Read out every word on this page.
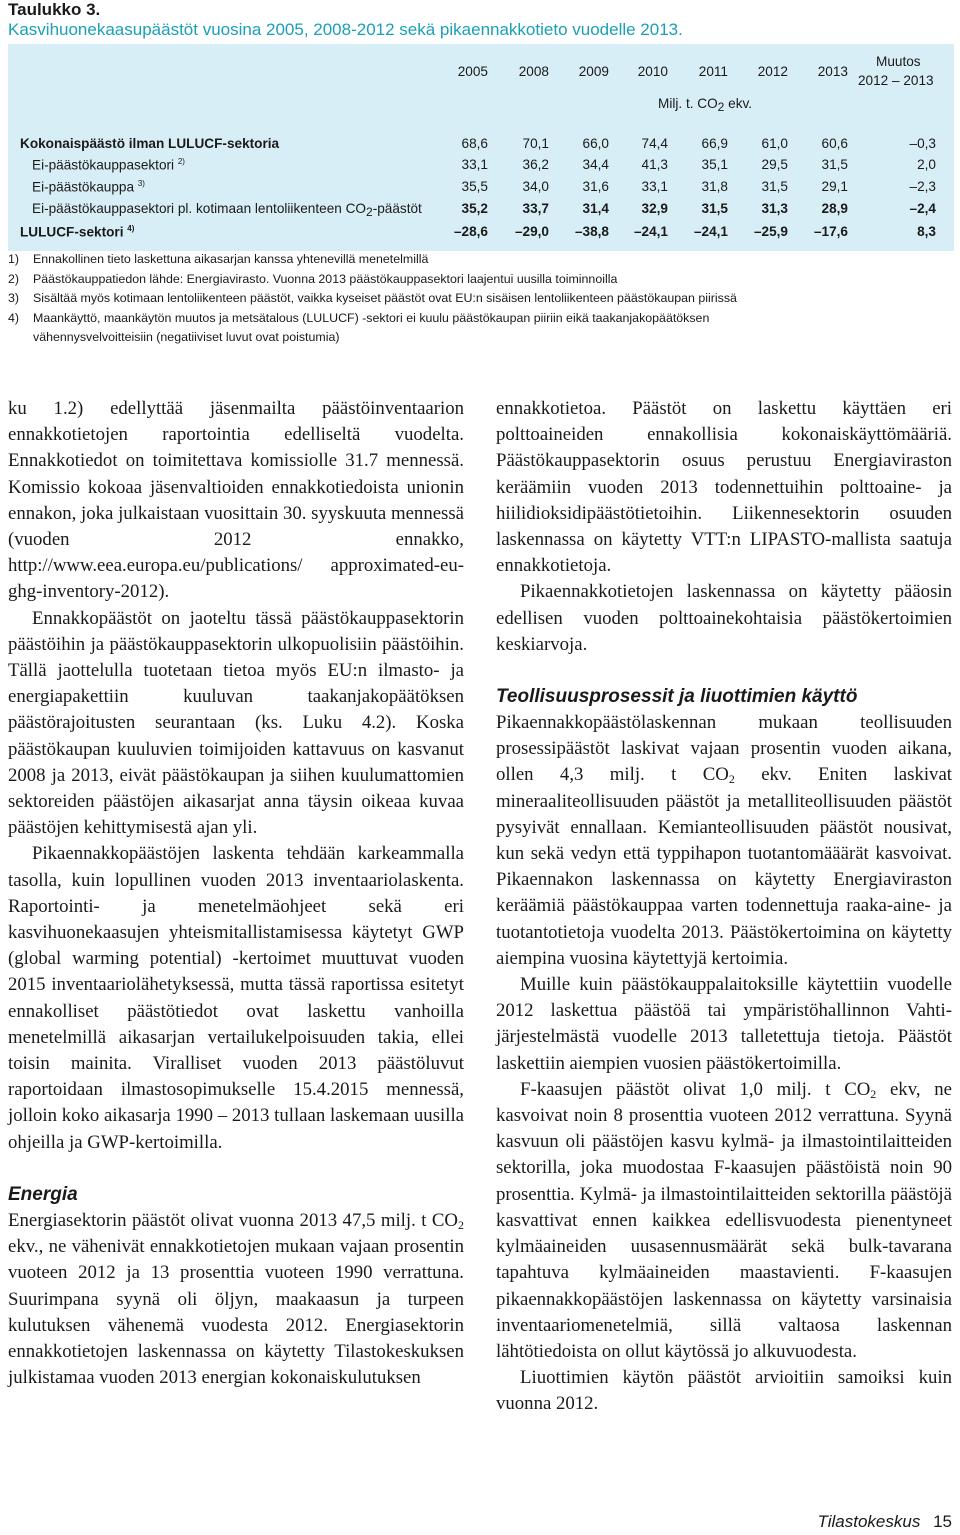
Taulukko 3.
Kasvihuonekaasupäästöt vuosina 2005, 2008-2012 sekä pikaennakkotieto vuodelle 2013.
2005	2008	2009	2010	2011	2012	2013
Muutos
2012 – 2013
Milj. t. $CO_2$ ekv.
Kokonaispäästö ilman LULUCF-sektoria	68,6	70,1	66,0	74,4	66,9	61,0	60,6	–0,3
Ei-päästökauppasektori $^{2)}$	33,1	36,2	34,4	41,3	35,1	29,5	31,5	2,0
Ei-päästökauppa $^{3)}$	35,5	34,0	31,6	33,1	31,8	31,5	29,1	–2,3
Ei-päästökauppasektori pl. kotimaan lentoliikenteen $CO_2$-päästöt	35,2	33,7	31,4	32,9	31,5	31,3	28,9	–2,4
LULUCF-sektori $^{4)}$	–28,6	–29,0	–38,8	–24,1	–24,1	–25,9	–17,6	8,3
1) Ennakollinen tieto laskettuna aikasarjan kanssa yhtenevillä menetelmillä
2) Päästökauppatiedon lähde: Energiavirasto. Vuonna 2013 päästökauppasektori laajentui uusilla toiminnoilla
3) Sisältää myös kotimaan lentoliikenteen päästöt, vaikka kyseiset päästöt ovat EU:n sisäisen lentoliikenteen päästökaupan piirissä
4) Maankäyttö, maankäytön muutos ja metsätalous (LULUCF) -sektori ei kuulu päästökaupan piiriin eikä taakanjakopäätöksen
vähennysvelvoitteisiin (negatiiviset luvut ovat poistumia)

ku 1.2) edellyttää jäsenmailta päästöinventaarion ennakkotietojen raportointia edelliseltä vuodelta. Ennakkotiedot on toimitettava komissiolle 31.7 mennessä. Komissio kokoaa jäsenvaltioiden ennakkotiedoista unionin ennakon, joka julkaistaan vuosittain 30. syyskuuta mennessä (vuoden 2012 ennakko, http://www.eea.europa.eu/publications/ approximated-eu-ghg-inventory-2012).

Ennakkopäästöt on jaoteltu tässä päästökauppasektorin päästöihin ja päästökauppasektorin ulkopuolisiin päästöihin. Tällä jaottelulla tuotetaan tietoa myös EU:n ilmasto- ja energiapakettiin kuuluvan taakanjakopäätöksen päästörajoitusten seurantaan (ks. Luku 4.2). Koska päästökaupan kuuluvien toimijoiden kattavuus on kasvanut 2008 ja 2013, eivät päästökaupan ja siihen kuulumattomien sektoreiden päästöjen aikasarjat anna täysin oikeaa kuvaa päästöjen kehittymisestä ajan yli.

Pikaennakkopäästöjen laskenta tehdään karkeammalla tasolla, kuin lopullinen vuoden 2013 inventaariolaskenta. Raportointi- ja menetelmäohjeet sekä eri kasvihuonekaasujen yhteismitallistamisessa käytetyt GWP (global warming potential) -kertoimet muuttuvat vuoden 2015 inventaariolähetyksessä, mutta tässä raportissa esitetyt ennakolliset päästötiedot ovat laskettu vanhoilla menetelmillä aikasarjan vertailukelpoisuuden takia, ellei toisin mainita. Viralliset vuoden 2013 päästöluvut raportoidaan ilmastosopimukselle 15.4.2015 mennessä, jolloin koko aikasarja 1990 – 2013 tullaan laskemaan uusilla ohjeilla ja GWP-kertoimilla.

Energia

Energiasektorin päästöt olivat vuonna 2013 47,5 milj. t $CO_2$ ekv., ne vähenivät ennakkotietojen mukaan vajaan prosentin vuoteen 2012 ja 13 prosenttia vuoteen 1990 verrattuna. Suurimpana syynä oli öljyn, maakaasun ja turpeen kulutuksen vähenemä vuodesta 2012. Energiasektorin ennakkotietojen laskennassa on käytetty Tilastokeskuksen julkistamaa vuoden 2013 energian kokonaiskulutuksen

ennakkotietoa. Päästöt on laskettu käyttäen eri polttoaineiden ennakollisia kokonaiskäyttömääriä. Päästökauppasektorin osuus perustuu Energiaviraston keräämiin vuoden 2013 todennettuihin polttoaine- ja hiilidioksidipäästötietoihin. Liikennesektorin osuuden laskennassa on käytetty VTT:n LIPASTO-mallista saatuja ennakkotietoja.

Pikaennakkotietojen laskennassa on käytetty pääosin edellisen vuoden polttoainekohtaisia päästökertoimien keskiarvoja.

Teollisuusprosessit ja liuottimien käyttö

Pikaennakkopäästölaskennan mukaan teollisuuden prosessipäästöt laskivat vajaan prosentin vuoden aikana, ollen 4,3 milj. t $CO_2$ ekv. Eniten laskivat mineraaliteollisuuden päästöt ja metalliteollisuuden päästöt pysyivät ennallaan. Kemianteollisuuden päästöt nousivat, kun sekä vedyn että typpihapon tuotantomääärät kasvoivat. Pikaennakon laskennassa on käytetty Energiaviraston keräämiä päästökauppaa varten todennettuja raaka-aine- ja tuotantotietoja vuodelta 2013. Päästökertoimina on käytetty aiempina vuosina käytettyjä kertoimia.

Muille kuin päästökauppalaitoksille käytettiin vuodelle 2012 laskettua päästöä tai ympäristöhallinnon Vahti-järjestelmästä vuodelle 2013 talletettuja tietoja. Päästöt laskettiin aiempien vuosien päästökertoimilla.

F-kaasujen päästöt olivat 1,0 milj. t $CO_2$ ekv, ne kasvoivat noin 8 prosenttia vuoteen 2012 verrattuna. Syynä kasvuun oli päästöjen kasvu kylmä- ja ilmastointilaitteiden sektorilla, joka muodostaa F-kaasujen päästöistä noin 90 prosenttia. Kylmä- ja ilmastointilaitteiden sektorilla päästöjä kasvattivat ennen kaikkea edellisvuodesta pienentyneet kylmäaineiden uusasennusmäärät sekä bulk-tavarana tapahtuva kylmäaineiden maastavienti. F-kaasujen pikaennakkopäästöjen laskennassa on käytetty varsinaisia inventaariomenetelmiä, sillä valtaosa laskennan lähtötiedoista on ollut käytössä jo alkuvuodesta.

Liuottimien käytön päästöt arvioitiin samoiksi kuin vuonna 2012.

Tilastokeskus 15
